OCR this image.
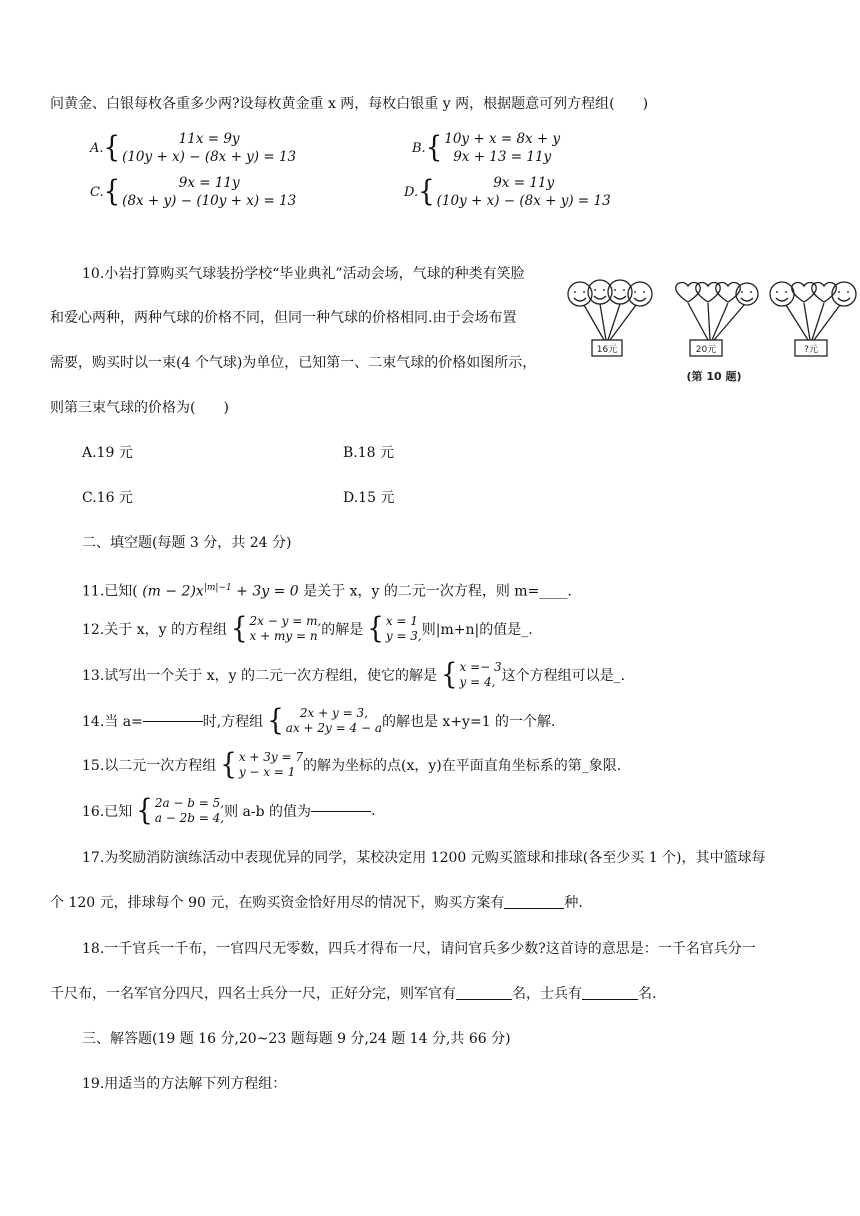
问黄金、白银每枚各重多少两?设每枚黄金重 x 两，每枚白银重 y 两，根据题意可列方程组(　　)
A. {	11x = 9y
(10y + x) − (8x + y) = 13
B. { 10y + x = 8x + y
9x + 13 = 11y
C. {	9x = 11y
(8x + y) − (10y + x) = 13
D. {	9x = 11y
(10y + x) − (8x + y) = 13
10.小岩打算购买气球装扮学校“毕业典礼”活动会场，气球的种类有笑脸
和爱心两种，两种气球的价格不同，但同一种气球的价格相同.由于会场布置
需要，购买时以一束(4 个气球)为单位，已知第一、二束气球的价格如图所示，
则第三束气球的价格为(　　)
16元	20元	?元
(第 10 题)
A.19 元	B.18 元
C.16 元	D.15 元
二、填空题(每题 3 分，共 24 分)
11.已知( $(m - 2)x^{|m|-1} + 3y = 0$ 是关于 x，y 的二元一次方程，则 m=____.
12.关于 x，y 的方程组 { 2x − y = m,
x + my = n 的解是 { x = 1
y = 3, 则|m+n|的值是_.
13.试写出一个关于 x，y 的二元一次方程组，使它的解是 { x =− 3
y = 4, 这个方程组可以是_.
14.当 a=	时,方程组 { 2x + y = 3,
ax + 2y = 4 − a 的解也是 x+y=1 的一个解.
15.以二元一次方程组 { x + 3y = 7
y − x = 1 的解为坐标的点(x，y)在平面直角坐标系的第_象限.
16.已知 { 2a − b = 5,
a − 2b = 4, 则 a-b 的值为	.
17.为奖励消防演练活动中表现优异的同学，某校决定用 1200 元购买篮球和排球(各至少买 1 个)，其中篮球每
个 120 元，排球每个 90 元，在购买资金恰好用尽的情况下，购买方案有	种.
18.一千官兵一千布，一官四尺无零数，四兵才得布一尺，请问官兵多少数?这首诗的意思是：一千名官兵分一
千尺布，一名军官分四尺，四名士兵分一尺，正好分完，则军官有	名，士兵有	名.
三、解答题(19 题 16 分,20~23 题每题 9 分,24 题 14 分,共 66 分)
19.用适当的方法解下列方程组：
